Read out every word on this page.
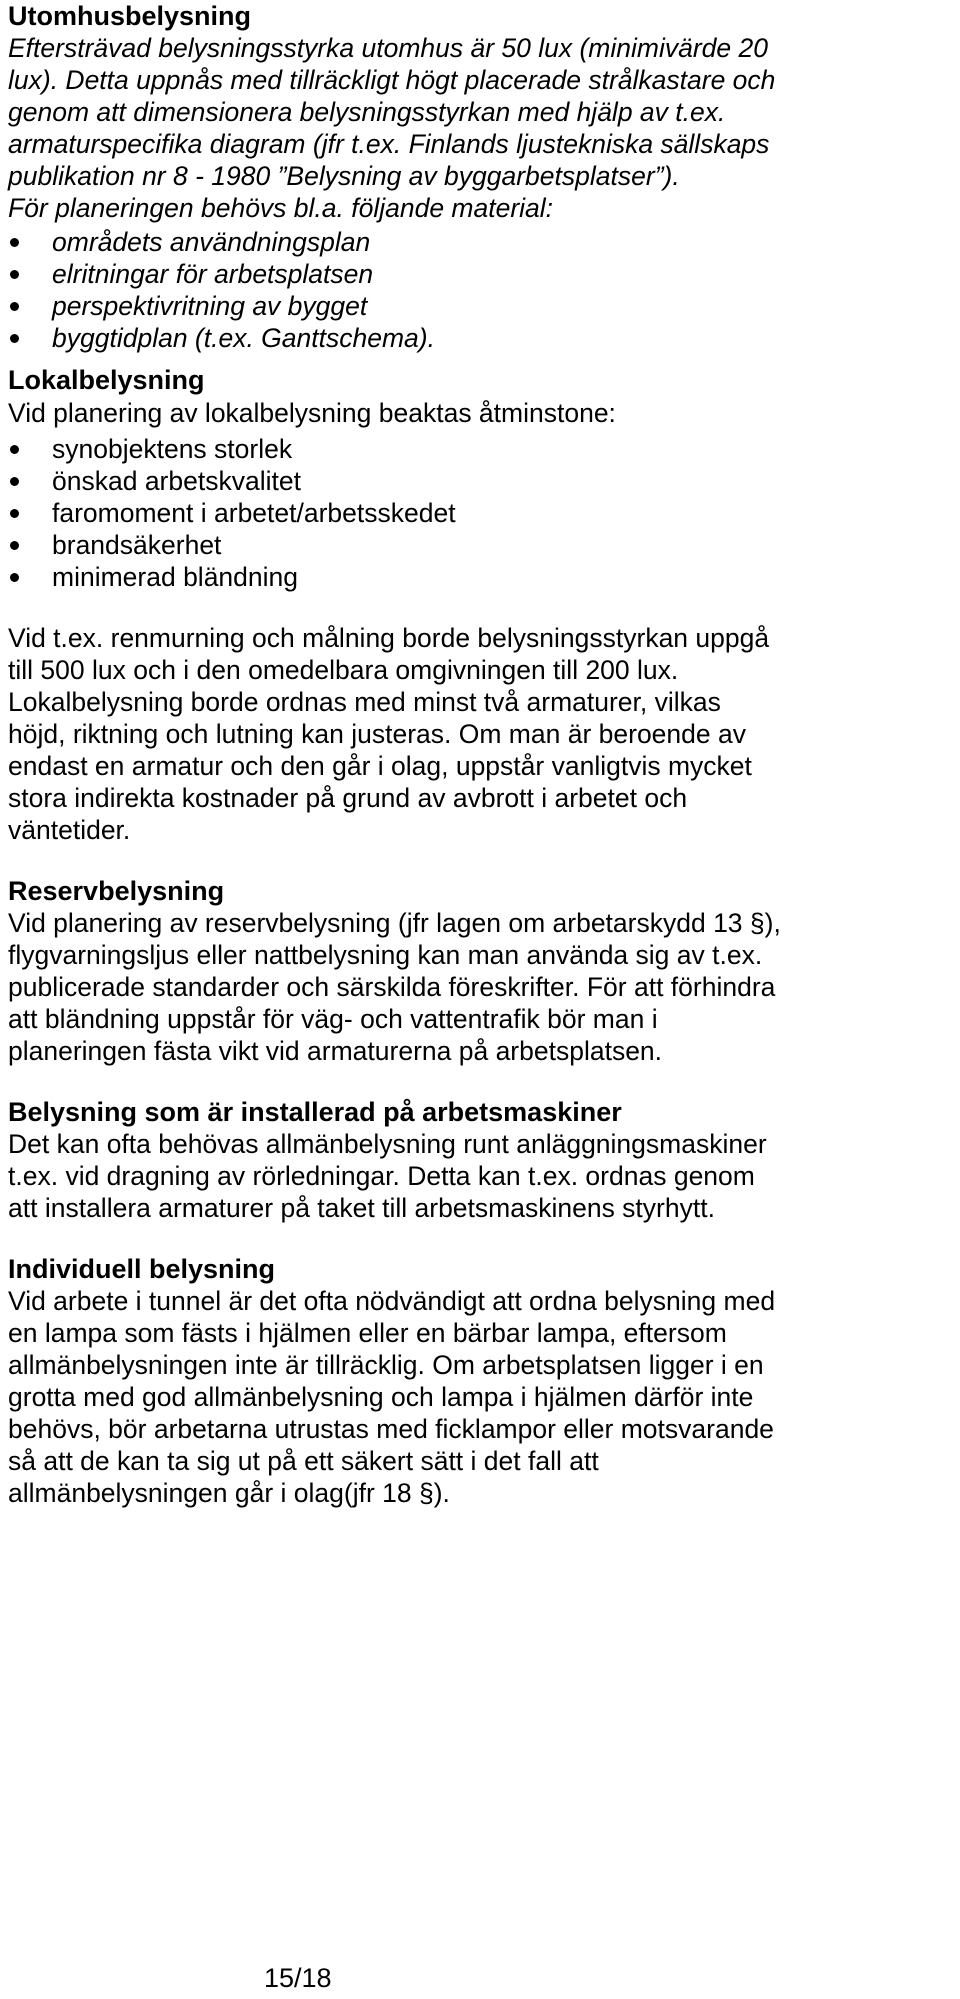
Utomhusbelysning
Eftersträvad belysningsstyrka utomhus är 50 lux (minimivärde 20
lux). Detta uppnås med tillräckligt högt placerade strålkastare och
genom att dimensionera belysningsstyrkan med hjälp av t.ex.
armaturspecifika diagram (jfr t.ex. Finlands ljustekniska sällskaps
publikation nr 8 - 1980 ”Belysning av byggarbetsplatser”).
För planeringen behövs bl.a. följande material:
områdets användningsplan
elritningar för arbetsplatsen
perspektivritning av bygget
byggtidplan (t.ex. Ganttschema).
Lokalbelysning
Vid planering av lokalbelysning beaktas åtminstone:
synobjektens storlek
önskad arbetskvalitet
faromoment i arbetet/arbetsskedet
brandsäkerhet
minimerad bländning
Vid t.ex. renmurning och målning borde belysningsstyrkan uppgå
till 500 lux och i den omedelbara omgivningen till 200 lux.
Lokalbelysning borde ordnas med minst två armaturer, vilkas
höjd, riktning och lutning kan justeras. Om man är beroende av
endast en armatur och den går i olag, uppstår vanligtvis mycket
stora indirekta kostnader på grund av avbrott i arbetet och
väntetider.
Reservbelysning
Vid planering av reservbelysning (jfr lagen om arbetarskydd 13 §),
flygvarningsljus eller nattbelysning kan man använda sig av t.ex.
publicerade standarder och särskilda föreskrifter. För att förhindra
att bländning uppstår för väg- och vattentrafik bör man i
planeringen fästa vikt vid armaturerna på arbetsplatsen.
Belysning som är installerad på arbetsmaskiner
Det kan ofta behövas allmänbelysning runt anläggningsmaskiner
t.ex. vid dragning av rörledningar. Detta kan t.ex. ordnas genom
att installera armaturer på taket till arbetsmaskinens styrhytt.
Individuell belysning
Vid arbete i tunnel är det ofta nödvändigt att ordna belysning med
en lampa som fästs i hjälmen eller en bärbar lampa, eftersom
allmänbelysningen inte är tillräcklig. Om arbetsplatsen ligger i en
grotta med god allmänbelysning och lampa i hjälmen därför inte
behövs, bör arbetarna utrustas med ficklampor eller motsvarande
så att de kan ta sig ut på ett säkert sätt i det fall att
allmänbelysningen går i olag(jfr 18 §).
15/18
